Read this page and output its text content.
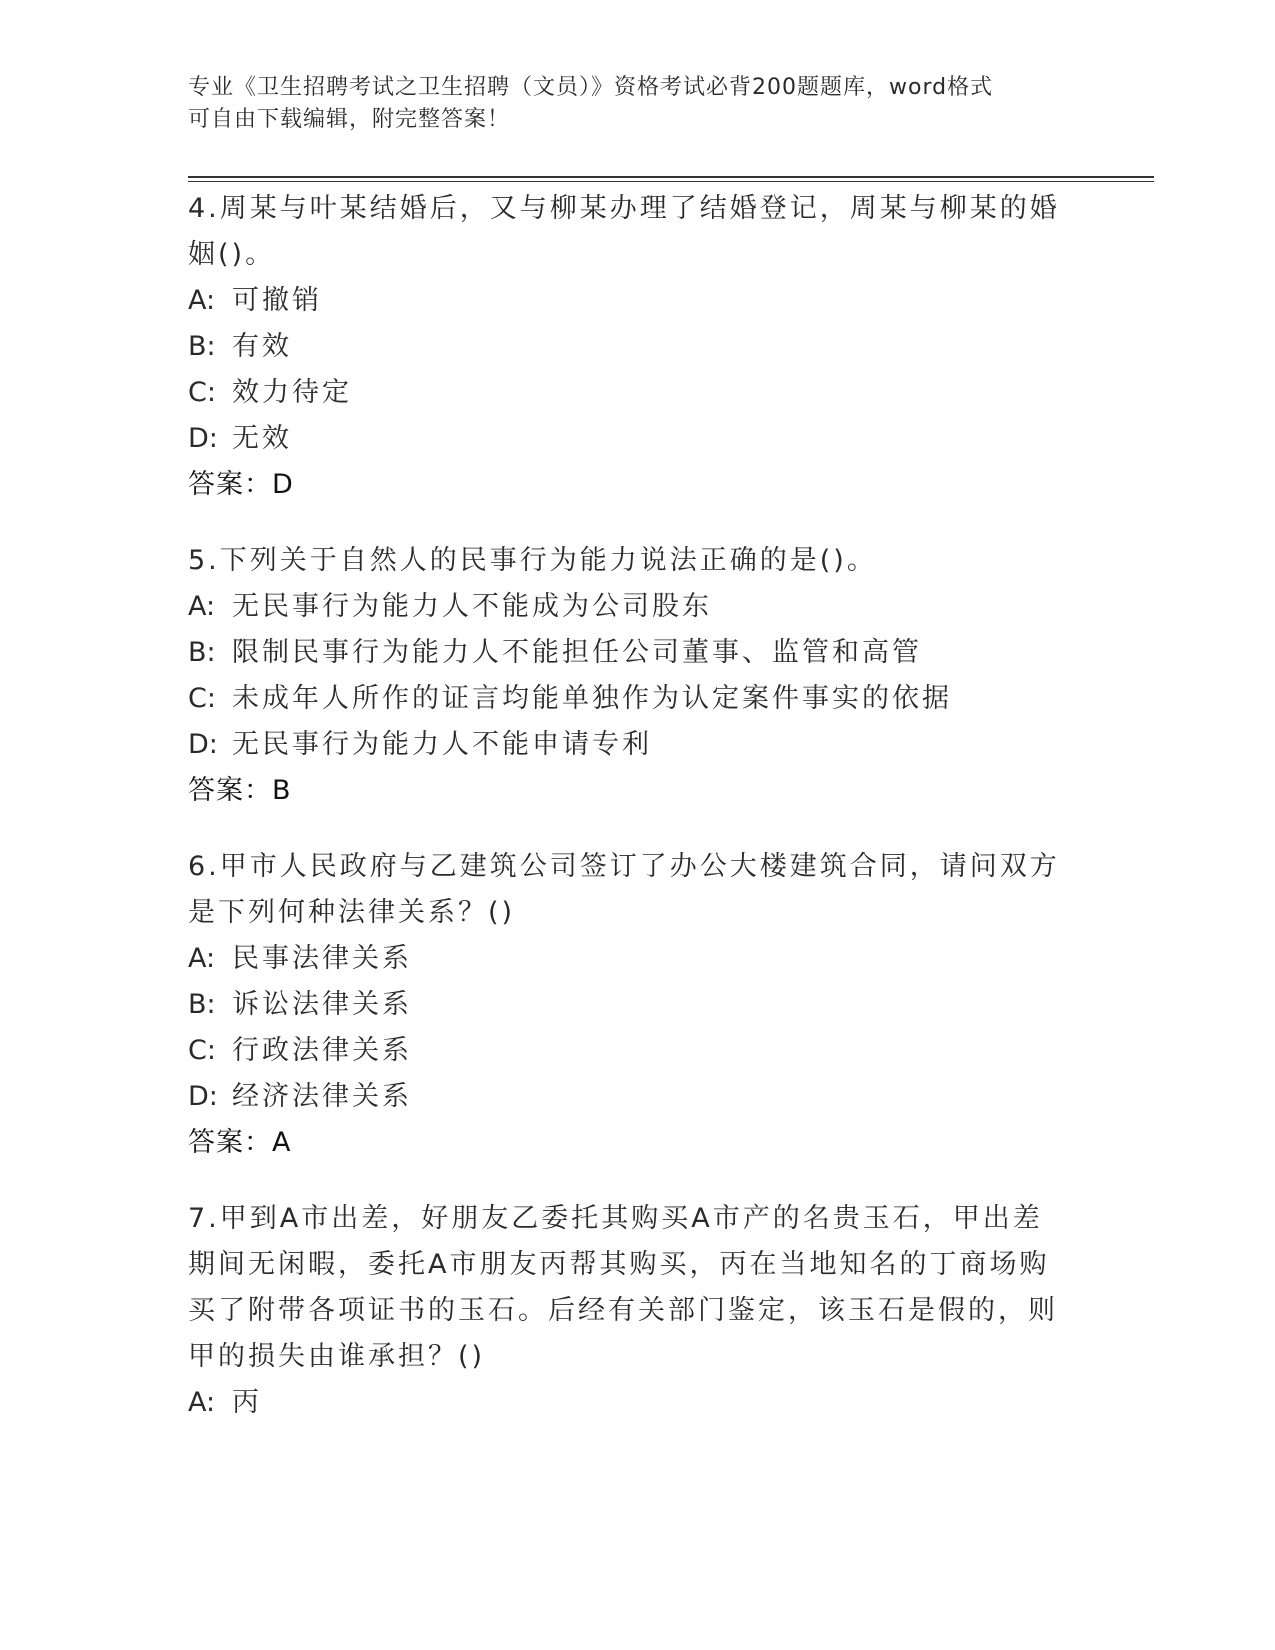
专业《卫生招聘考试之卫生招聘（文员）》资格考试必背200题题库，word格式
可自由下载编辑，附完整答案！

4.周某与叶某结婚后，又与柳某办理了结婚登记，周某与柳某的婚姻()。

A: 可撤销

B: 有效

C: 效力待定

D: 无效

答案：D

5.下列关于自然人的民事行为能力说法正确的是()。

A: 无民事行为能力人不能成为公司股东

B: 限制民事行为能力人不能担任公司董事、监管和高管

C: 未成年人所作的证言均能单独作为认定案件事实的依据

D: 无民事行为能力人不能申请专利

答案：B

6.甲市人民政府与乙建筑公司签订了办公大楼建筑合同，请问双方是下列何种法律关系？()

A: 民事法律关系

B: 诉讼法律关系

C: 行政法律关系

D: 经济法律关系

答案：A

7.甲到A市出差，好朋友乙委托其购买A市产的名贵玉石，甲出差期间无闲暇，委托A市朋友丙帮其购买，丙在当地知名的丁商场购买了附带各项证书的玉石。后经有关部门鉴定，该玉石是假的，则甲的损失由谁承担？()

A: 丙
